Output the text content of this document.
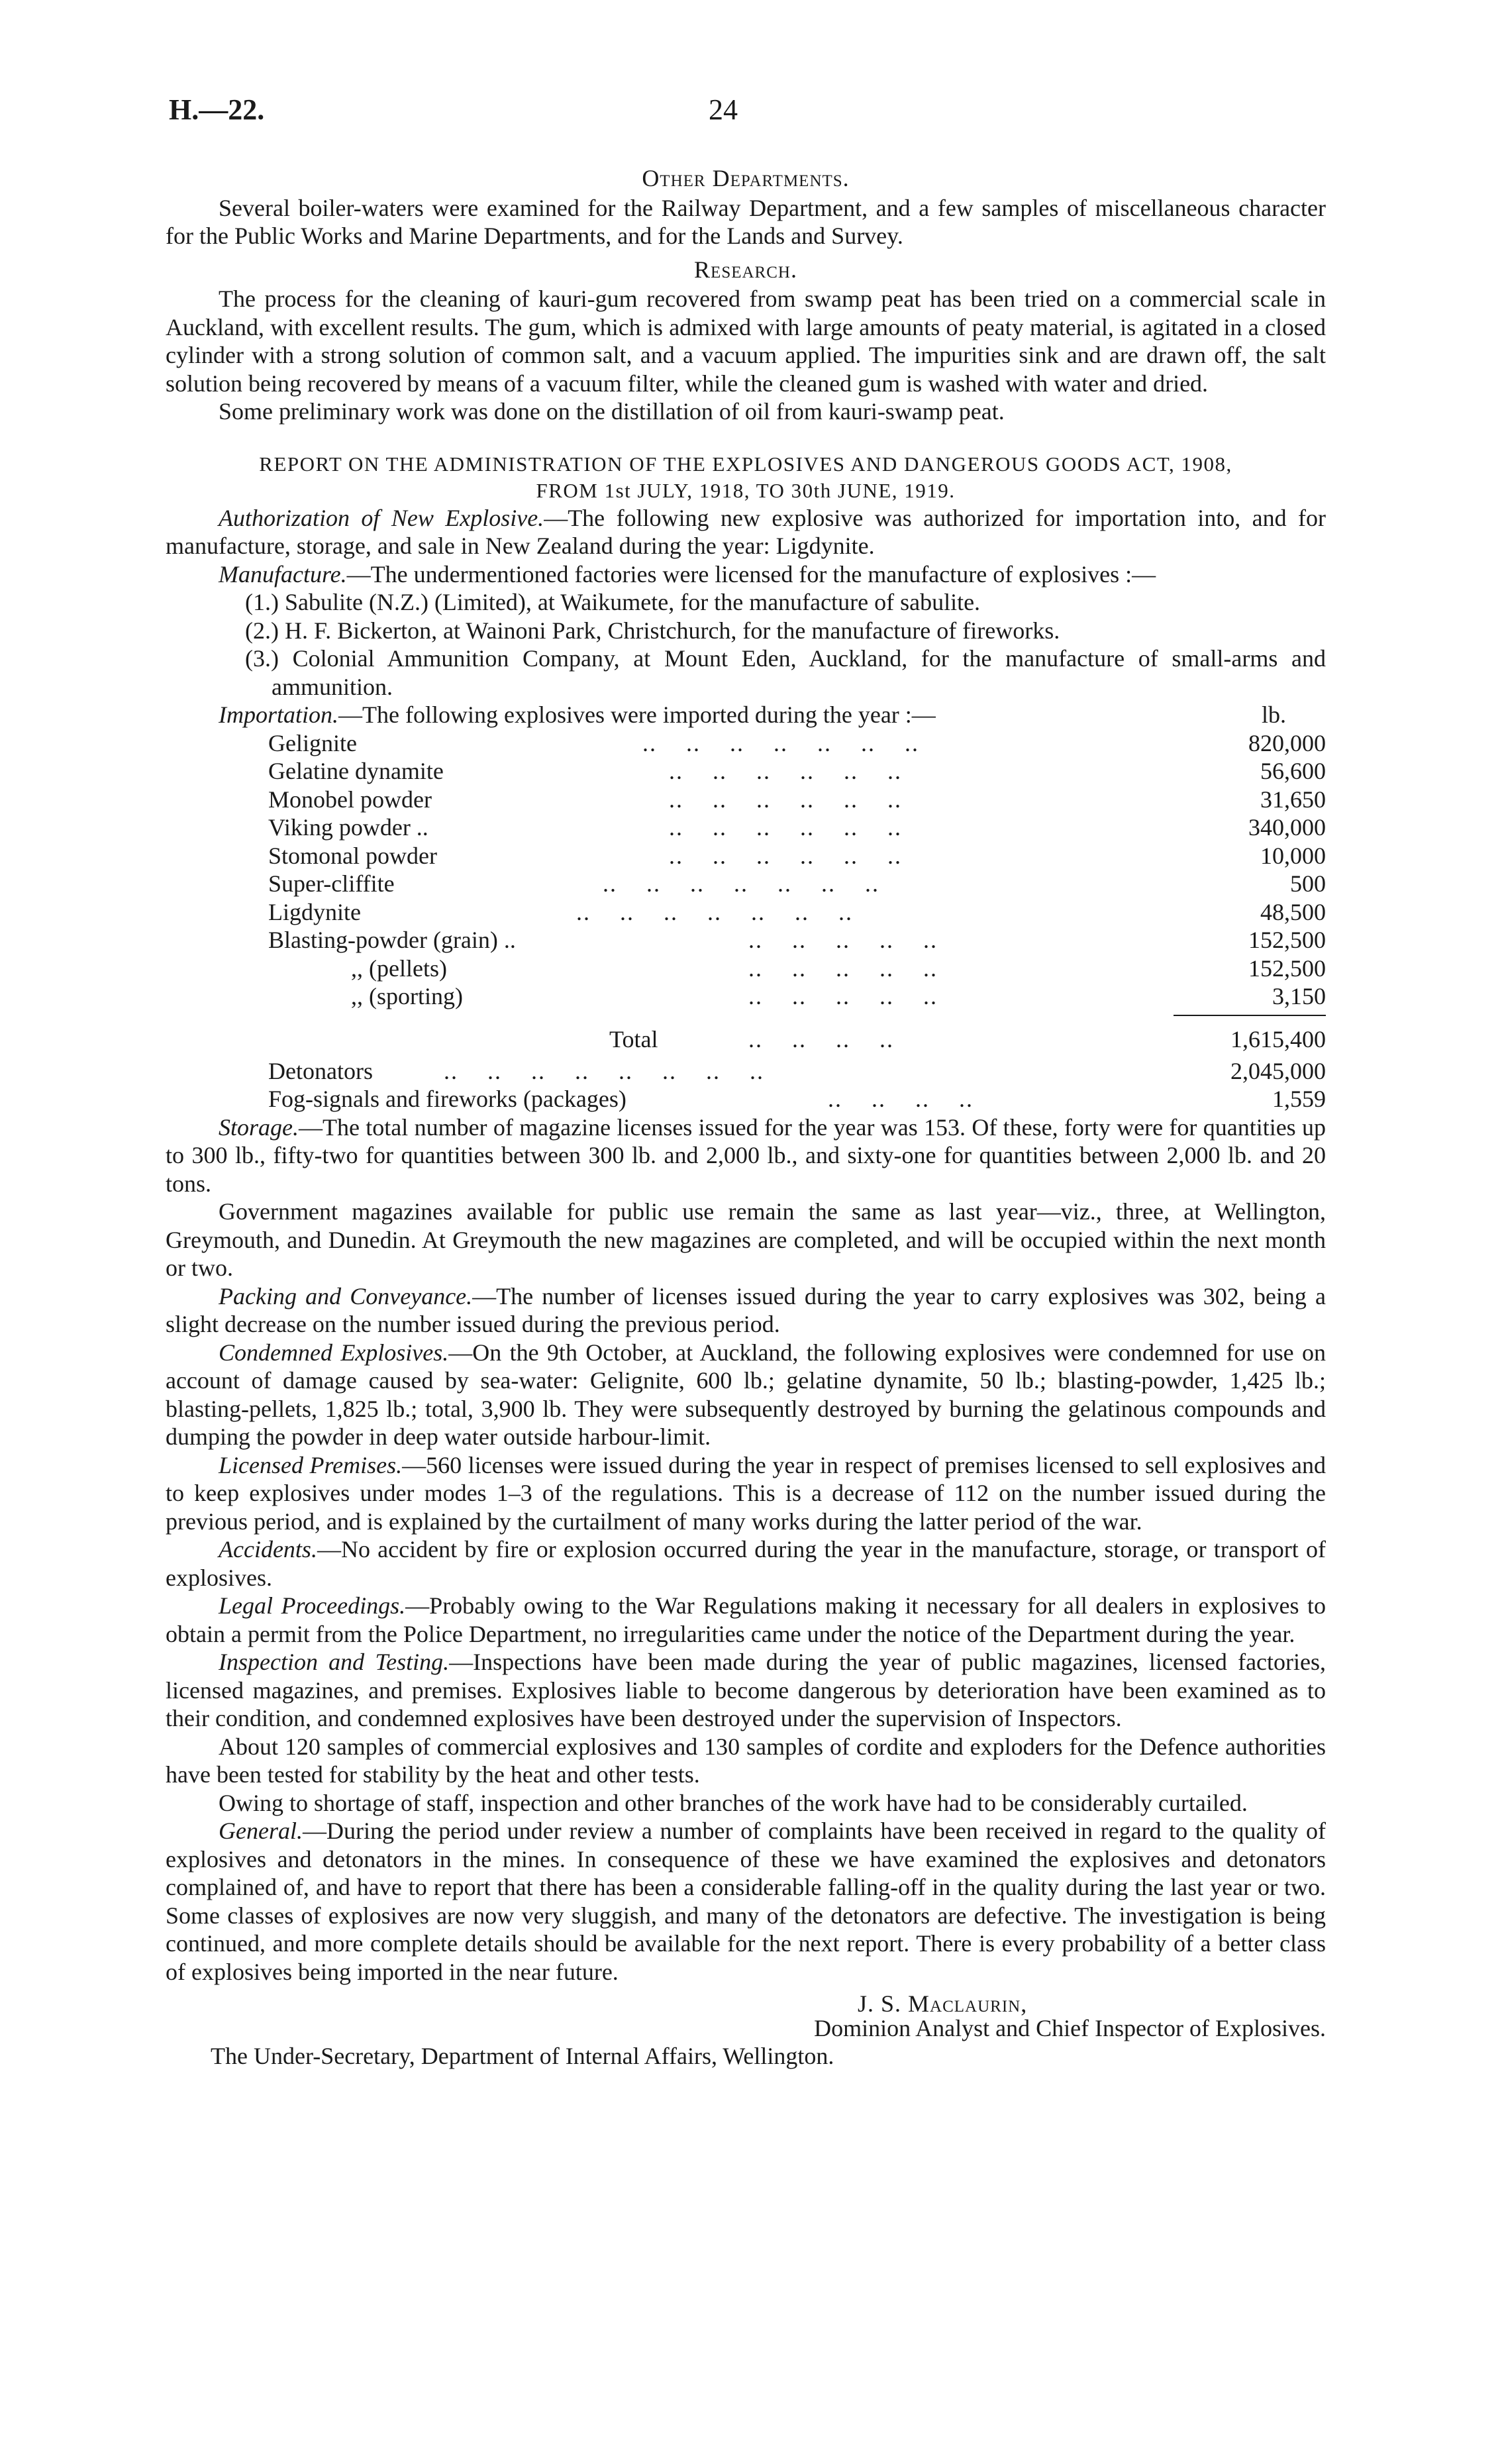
H.—22.	24
Other Departments.

Several boiler-waters were examined for the Railway Department, and a few samples of miscellaneous character for the Public Works and Marine Departments, and for the Lands and Survey.

Research.

The process for the cleaning of kauri-gum recovered from swamp peat has been tried on a commercial scale in Auckland, with excellent results. The gum, which is admixed with large amounts of peaty material, is agitated in a closed cylinder with a strong solution of common salt, and a vacuum applied. The impurities sink and are drawn off, the salt solution being recovered by means of a vacuum filter, while the cleaned gum is washed with water and dried.

Some preliminary work was done on the distillation of oil from kauri-swamp peat.

REPORT ON THE ADMINISTRATION OF THE EXPLOSIVES AND DANGEROUS GOODS ACT, 1908,
FROM 1st JULY, 1918, TO 30th JUNE, 1919.

Authorization of New Explosive.—The following new explosive was authorized for importation into, and for manufacture, storage, and sale in New Zealand during the year: Ligdynite.

Manufacture.—The undermentioned factories were licensed for the manufacture of explosives :—

(1.) Sabulite (N.Z.) (Limited), at Waikumete, for the manufacture of sabulite.
(2.) H. F. Bickerton, at Wainoni Park, Christchurch, for the manufacture of fireworks.
(3.) Colonial Ammunition Company, at Mount Eden, Auckland, for the manufacture of small-arms and ammunition.
Importation.—The following explosives were imported during the year :—	lb.
Gelignite	..    ..    ..    ..    ..    ..    ..	820,000
Gelatine dynamite	..    ..    ..    ..    ..    ..	56,600
Monobel powder	..    ..    ..    ..    ..    ..	31,650
Viking powder ..	..    ..    ..    ..    ..    ..	340,000
Stomonal powder	..    ..    ..    ..    ..    ..	10,000
Super-cliffite	..    ..    ..    ..    ..    ..    ..	500
Ligdynite	..    ..    ..    ..    ..    ..    ..	48,500
Blasting-powder (grain) ..	..    ..    ..    ..    ..	152,500
,, (pellets)	..    ..    ..    ..    ..	152,500
,, (sporting)	..    ..    ..    ..    ..	3,150
Total	..    ..    ..    ..	1,615,400
Detonators	..    ..    ..    ..    ..    ..    ..    ..	2,045,000
Fog-signals and fireworks (packages)	..    ..    ..    ..	1,559

Storage.—The total number of magazine licenses issued for the year was 153. Of these, forty were for quantities up to 300 lb., fifty-two for quantities between 300 lb. and 2,000 lb., and sixty-one for quantities between 2,000 lb. and 20 tons.

Government magazines available for public use remain the same as last year—viz., three, at Wellington, Greymouth, and Dunedin. At Greymouth the new magazines are completed, and will be occupied within the next month or two.

Packing and Conveyance.—The number of licenses issued during the year to carry explosives was 302, being a slight decrease on the number issued during the previous period.

Condemned Explosives.—On the 9th October, at Auckland, the following explosives were condemned for use on account of damage caused by sea-water: Gelignite, 600 lb.; gelatine dynamite, 50 lb.; blasting-powder, 1,425 lb.; blasting-pellets, 1,825 lb.; total, 3,900 lb. They were subsequently destroyed by burning the gelatinous compounds and dumping the powder in deep water outside harbour-limit.

Licensed Premises.—560 licenses were issued during the year in respect of premises licensed to sell explosives and to keep explosives under modes 1–3 of the regulations. This is a decrease of 112 on the number issued during the previous period, and is explained by the curtailment of many works during the latter period of the war.

Accidents.—No accident by fire or explosion occurred during the year in the manufacture, storage, or transport of explosives.

Legal Proceedings.—Probably owing to the War Regulations making it necessary for all dealers in explosives to obtain a permit from the Police Department, no irregularities came under the notice of the Department during the year.

Inspection and Testing.—Inspections have been made during the year of public magazines, licensed factories, licensed magazines, and premises. Explosives liable to become dangerous by deterioration have been examined as to their condition, and condemned explosives have been destroyed under the supervision of Inspectors.

About 120 samples of commercial explosives and 130 samples of cordite and exploders for the Defence authorities have been tested for stability by the heat and other tests.

Owing to shortage of staff, inspection and other branches of the work have had to be considerably curtailed.

General.—During the period under review a number of complaints have been received in regard to the quality of explosives and detonators in the mines. In consequence of these we have examined the explosives and detonators complained of, and have to report that there has been a considerable falling-off in the quality during the last year or two. Some classes of explosives are now very sluggish, and many of the detonators are defective. The investigation is being continued, and more complete details should be available for the next report. There is every probability of a better class of explosives being imported in the near future.

J. S. Maclaurin,
Dominion Analyst and Chief Inspector of Explosives.
The Under-Secretary, Department of Internal Affairs, Wellington.
